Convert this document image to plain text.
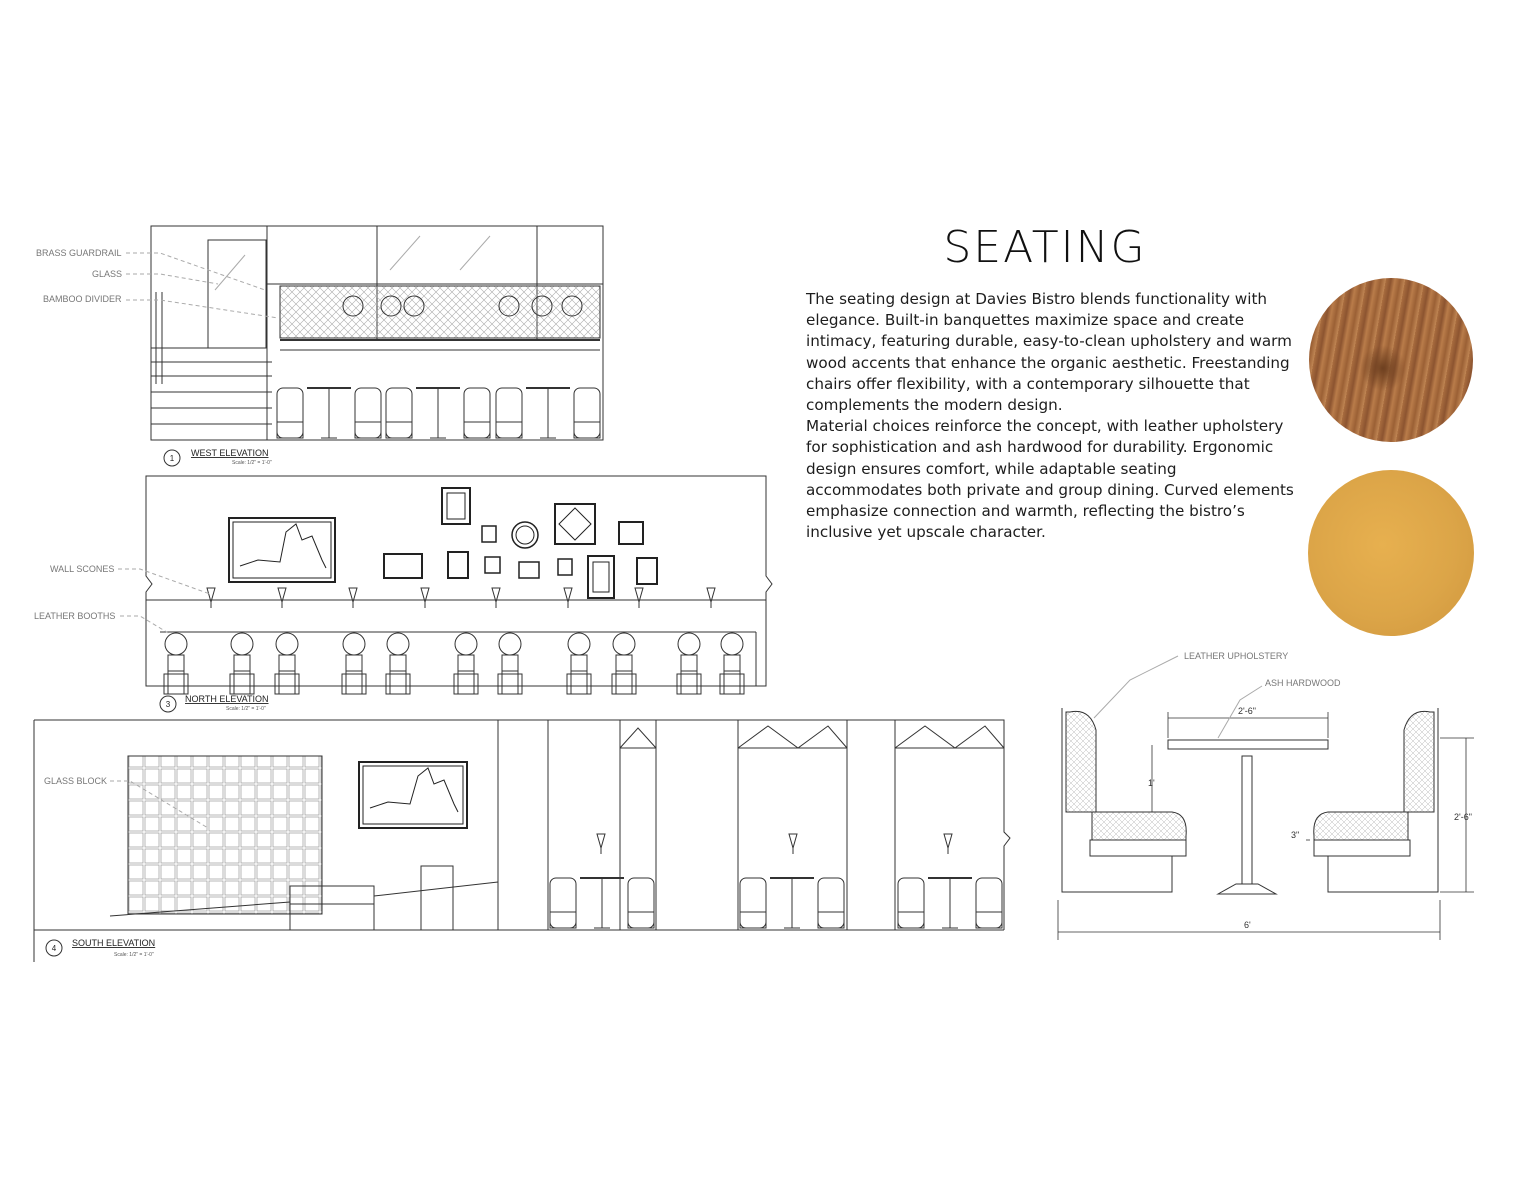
SEATING

The seating design at Davies Bistro blends functionality with elegance. Built-in banquettes maximize space and create intimacy, featuring durable, easy-to-clean upholstery and warm wood accents that enhance the organic aesthetic. Freestanding chairs offer flexibility, with a contemporary silhouette that complements the modern design.

Material choices reinforce the concept, with leather upholstery for sophistication and ash hardwood for durability. Ergonomic design ensures comfort, while adaptable seating accommodates both private and group dining. Curved elements emphasize connection and warmth, reflecting the bistro’s inclusive yet upscale character.

BRASS GUARDRAIL
GLASS
BAMBOO DIVIDER
1
WEST ELEVATION
Scale: 1/2" = 1'-0"
WALL SCONES
LEATHER BOOTHS
3
NORTH ELEVATION
Scale: 1/2" = 1'-0"
GLASS BLOCK
4
SOUTH ELEVATION
Scale: 1/2" = 1'-0"
LEATHER UPHOLSTERY
ASH HARDWOOD
2'-6"
1'
3"
2'-6"
6'
